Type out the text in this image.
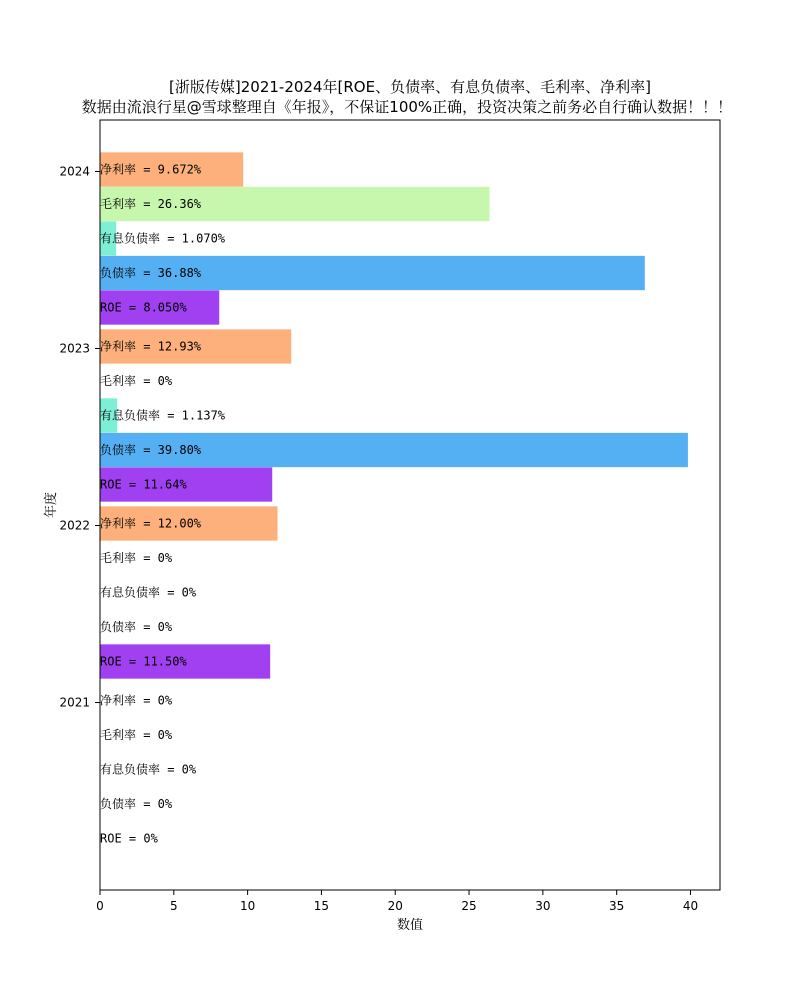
[浙版传媒]2021-2024年[ROE、负债率、有息负债率、毛利率、净利率]
数据由流浪行星@雪球整理自《年报》，不保证100%正确，投资决策之前务必自行确认数据！！！
ROE = 0%
负债率 = 0%
有息负债率 = 0%
毛利率 = 0%
净利率 = 0%
ROE = 11.50%
负债率 = 0%
有息负债率 = 0%
毛利率 = 0%
净利率 = 12.00%
ROE = 11.64%
负债率 = 39.80%
有息负债率 = 1.137%
毛利率 = 0%
净利率 = 12.93%
ROE = 8.050%
负债率 = 36.88%
有息负债率 = 1.070%
毛利率 = 26.36%
净利率 = 9.672%
0	5	10	15	20	25	30	35	40
2021
2022
2023
2024
数值
年度
